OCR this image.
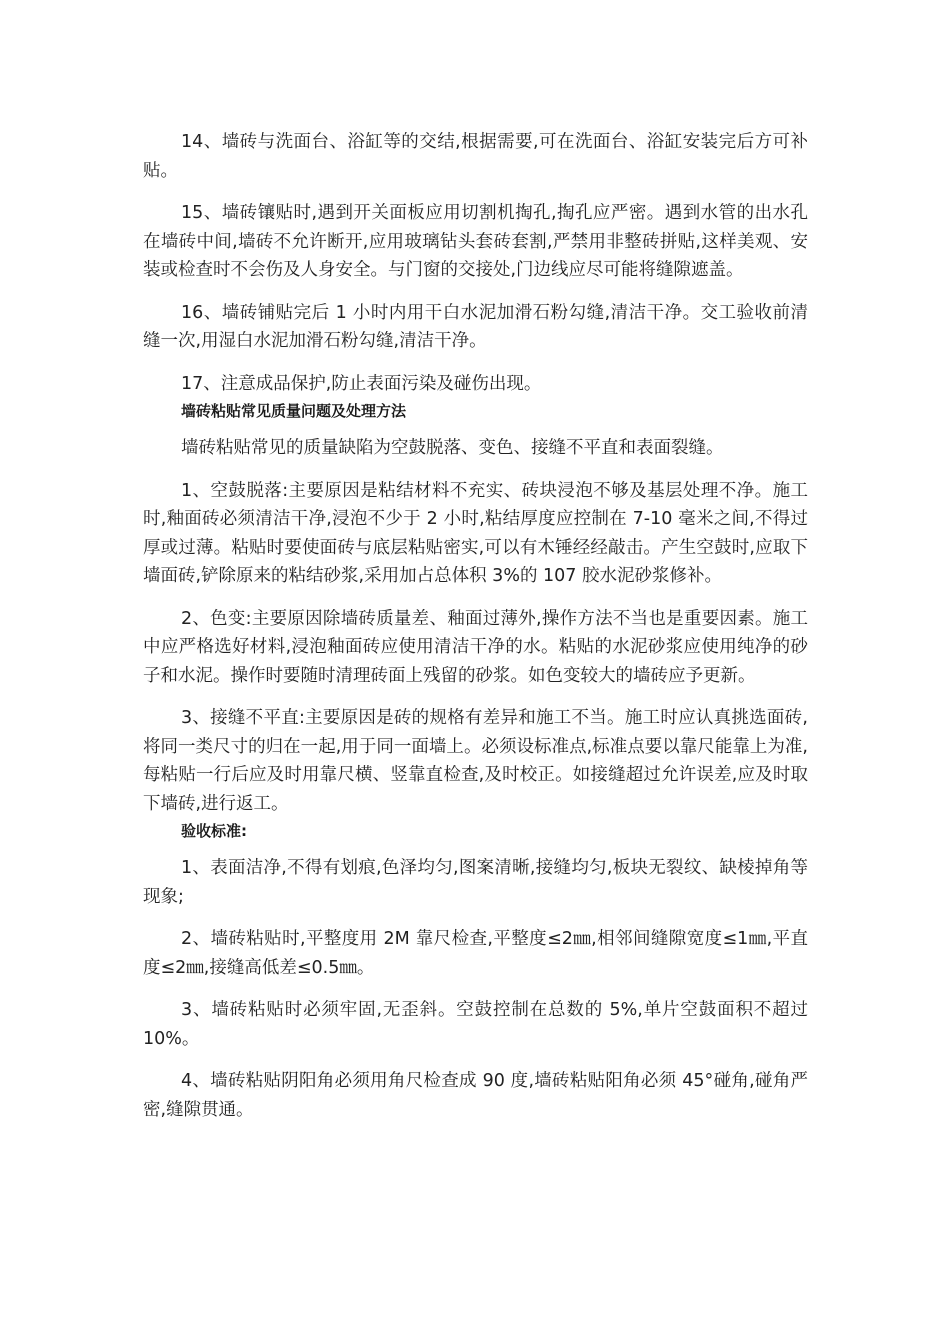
14、墙砖与洗面台、浴缸等的交结,根据需要,可在洗面台、浴缸安装完后方可补贴。

15、墙砖镶贴时,遇到开关面板应用切割机掏孔,掏孔应严密。遇到水管的出水孔在墙砖中间,墙砖不允许断开,应用玻璃钻头套砖套割,严禁用非整砖拼贴,这样美观、安装或检查时不会伤及人身安全。与门窗的交接处,门边线应尽可能将缝隙遮盖。

16、墙砖铺贴完后 1 小时内用干白水泥加滑石粉勾缝,清洁干净。交工验收前清缝一次,用湿白水泥加滑石粉勾缝,清洁干净。

17、注意成品保护,防止表面污染及碰伤出现。

墙砖粘贴常见质量问题及处理方法

墙砖粘贴常见的质量缺陷为空鼓脱落、变色、接缝不平直和表面裂缝。

1、空鼓脱落:主要原因是粘结材料不充实、砖块浸泡不够及基层处理不净。施工时,釉面砖必须清洁干净,浸泡不少于 2 小时,粘结厚度应控制在 7-10 毫米之间,不得过厚或过薄。粘贴时要使面砖与底层粘贴密实,可以有木锤经经敲击。产生空鼓时,应取下墙面砖,铲除原来的粘结砂浆,采用加占总体积 3%的 107 胶水泥砂浆修补。

2、色变:主要原因除墙砖质量差、釉面过薄外,操作方法不当也是重要因素。施工中应严格选好材料,浸泡釉面砖应使用清洁干净的水。粘贴的水泥砂浆应使用纯净的砂子和水泥。操作时要随时清理砖面上残留的砂浆。如色变较大的墙砖应予更新。

3、接缝不平直:主要原因是砖的规格有差异和施工不当。施工时应认真挑选面砖,将同一类尺寸的归在一起,用于同一面墙上。必须设标准点,标准点要以靠尺能靠上为准,每粘贴一行后应及时用靠尺横、竖靠直检查,及时校正。如接缝超过允许误差,应及时取下墙砖,进行返工。

验收标准:

1、表面洁净,不得有划痕,色泽均匀,图案清晰,接缝均匀,板块无裂纹、缺棱掉角等现象;

2、墙砖粘贴时,平整度用 2M 靠尺检查,平整度≤2㎜,相邻间缝隙宽度≤1㎜,平直度≤2㎜,接缝高低差≤0.5㎜。

3、墙砖粘贴时必须牢固,无歪斜。空鼓控制在总数的 5%,单片空鼓面积不超过 10%。

4、墙砖粘贴阴阳角必须用角尺检查成 90 度,墙砖粘贴阳角必须 45°碰角,碰角严密,缝隙贯通。
